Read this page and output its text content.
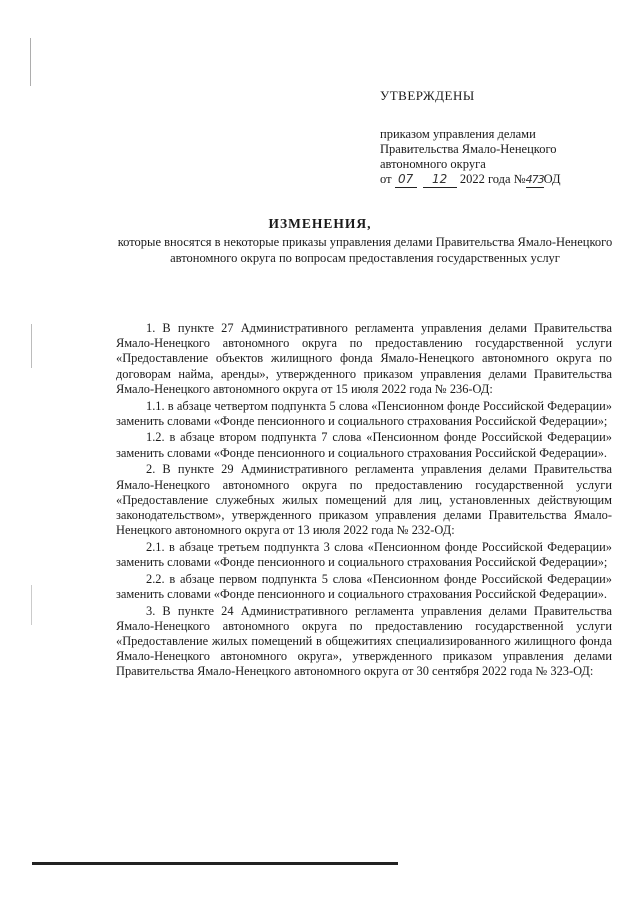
УТВЕРЖДЕНЫ
приказом управления делами
Правительства Ямало-Ненецкого
автономного округа
от 07 12 2022 года №473ОД
ИЗМЕНЕНИЯ,
которые вносятся в некоторые приказы управления делами Правительства Ямало-Ненецкого автономного округа по вопросам предоставления государственных услуг

1. В пункте 27 Административного регламента управления делами Правительства Ямало-Ненецкого автономного округа по предоставлению государственной услуги «Предоставление объектов жилищного фонда Ямало-Ненецкого автономного округа по договорам найма, аренды», утвержденного приказом управления делами Правительства Ямало-Ненецкого автономного округа от 15 июля 2022 года № 236-ОД:

1.1. в абзаце четвертом подпункта 5 слова «Пенсионном фонде Российской Федерации» заменить словами «Фонде пенсионного и социального страхования Российской Федерации»;

1.2. в абзаце втором подпункта 7 слова «Пенсионном фонде Российской Федерации» заменить словами «Фонде пенсионного и социального страхования Российской Федерации».

2. В пункте 29 Административного регламента управления делами Правительства Ямало-Ненецкого автономного округа по предоставлению государственной услуги «Предоставление служебных жилых помещений для лиц, установленных действующим законодательством», утвержденного приказом управления делами Правительства Ямало-Ненецкого автономного округа от 13 июля 2022 года № 232-ОД:

2.1. в абзаце третьем подпункта 3 слова «Пенсионном фонде Российской Федерации» заменить словами «Фонде пенсионного и социального страхования Российской Федерации»;

2.2. в абзаце первом подпункта 5 слова «Пенсионном фонде Российской Федерации» заменить словами «Фонде пенсионного и социального страхования Российской Федерации».

3. В пункте 24 Административного регламента управления делами Правительства Ямало-Ненецкого автономного округа по предоставлению государственной услуги «Предоставление жилых помещений в общежитиях специализированного жилищного фонда Ямало-Ненецкого автономного округа», утвержденного приказом управления делами Правительства Ямало-Ненецкого автономного округа от 30 сентября 2022 года № 323-ОД:
